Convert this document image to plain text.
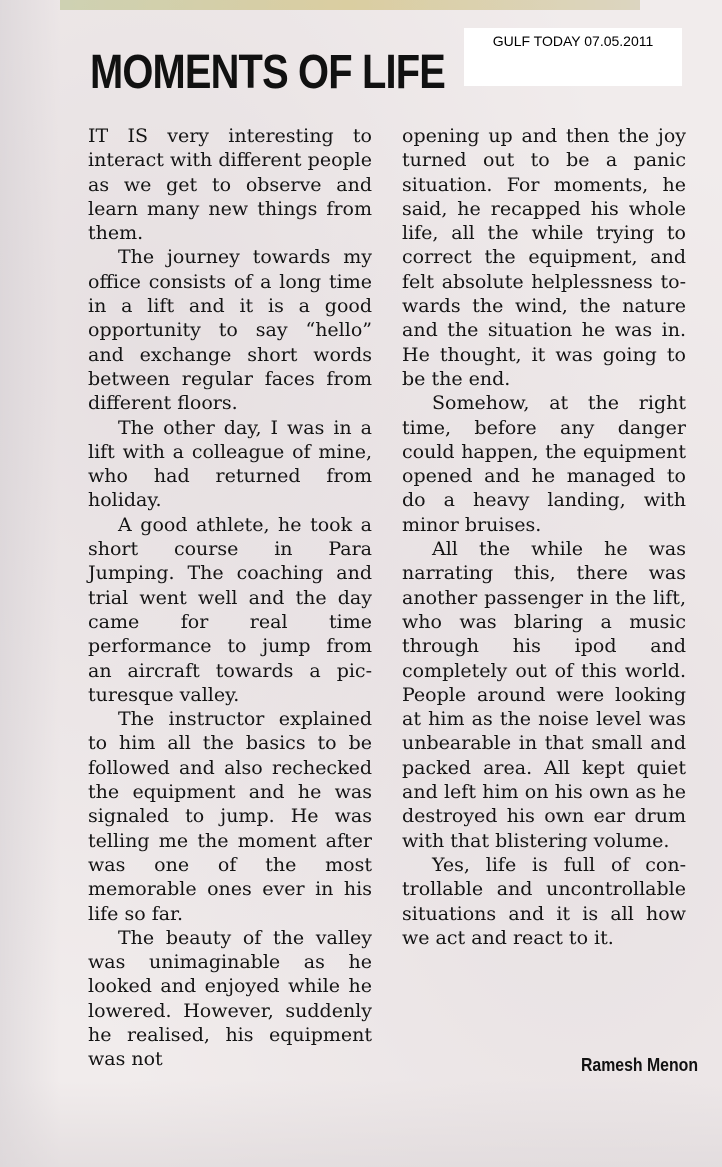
GULF TODAY 07.05.2011
MOMENTS OF LIFE

IT IS very interesting to interact with different people as we get to observe and learn many new things from them.

The journey towards my office consists of a long time in a lift and it is a good opportunity to say “hello” and exchange short words between regular faces from different floors.

The other day, I was in a lift with a colleague of mine, who had returned from holiday.

A good athlete, he took a short course in Para Jumping. The coaching and trial went well and the day came for real time performance to jump from an aircraft towards a picturesque valley.

The instructor explained to him all the basics to be followed and also rechecked the equipment and he was signaled to jump. He was telling me the moment after was one of the most memorable ones ever in his life so far.

The beauty of the valley was unimaginable as he looked and enjoyed while he lowered. However, suddenly he realised, his equipment was not

opening up and then the joy turned out to be a panic situation. For moments, he said, he recapped his whole life, all the while trying to correct the equipment, and felt absolute helplessness towards the wind, the nature and the situation he was in. He thought, it was going to be the end.

Somehow, at the right time, before any danger could happen, the equipment opened and he managed to do a heavy landing, with minor bruises.

All the while he was narrating this, there was another passenger in the lift, who was blaring a music through his ipod and completely out of this world. People around were looking at him as the noise level was unbearable in that small and packed area. All kept quiet and left him on his own as he destroyed his own ear drum with that blistering volume.

Yes, life is full of controllable and uncontrollable situations and it is all how we act and react to it.

Ramesh Menon
